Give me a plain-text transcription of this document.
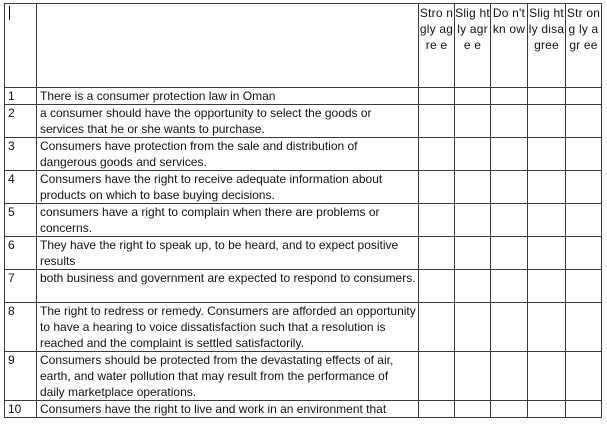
		Stro ngly agre e	Slig htly agre e	Do n't kn ow	Slig htly disa gree	Str ong ly agr ee
1	There is a consumer protection law in Oman					
2	a consumer should have the opportunity to select the goods or services that he or she wants to purchase.					
3	Consumers have protection from the sale and distribution of dangerous goods and services.					
4	Consumers have the right to receive adequate information about products on which to base buying decisions.					
5	consumers have a right to complain when there are problems or concerns.					
6	They have the right to speak up, to be heard, and to expect positive results					
7	both business and government are expected to respond to consumers.					
8	The right to redress or remedy. Consumers are afforded an opportunity to have a hearing to voice dissatisfaction such that a resolution is reached and the complaint is settled satisfactorily.					
9	Consumers should be protected from the devastating effects of air, earth, and water pollution that may result from the performance of daily marketplace operations.					
10	Consumers have the right to live and work in an environment that					
